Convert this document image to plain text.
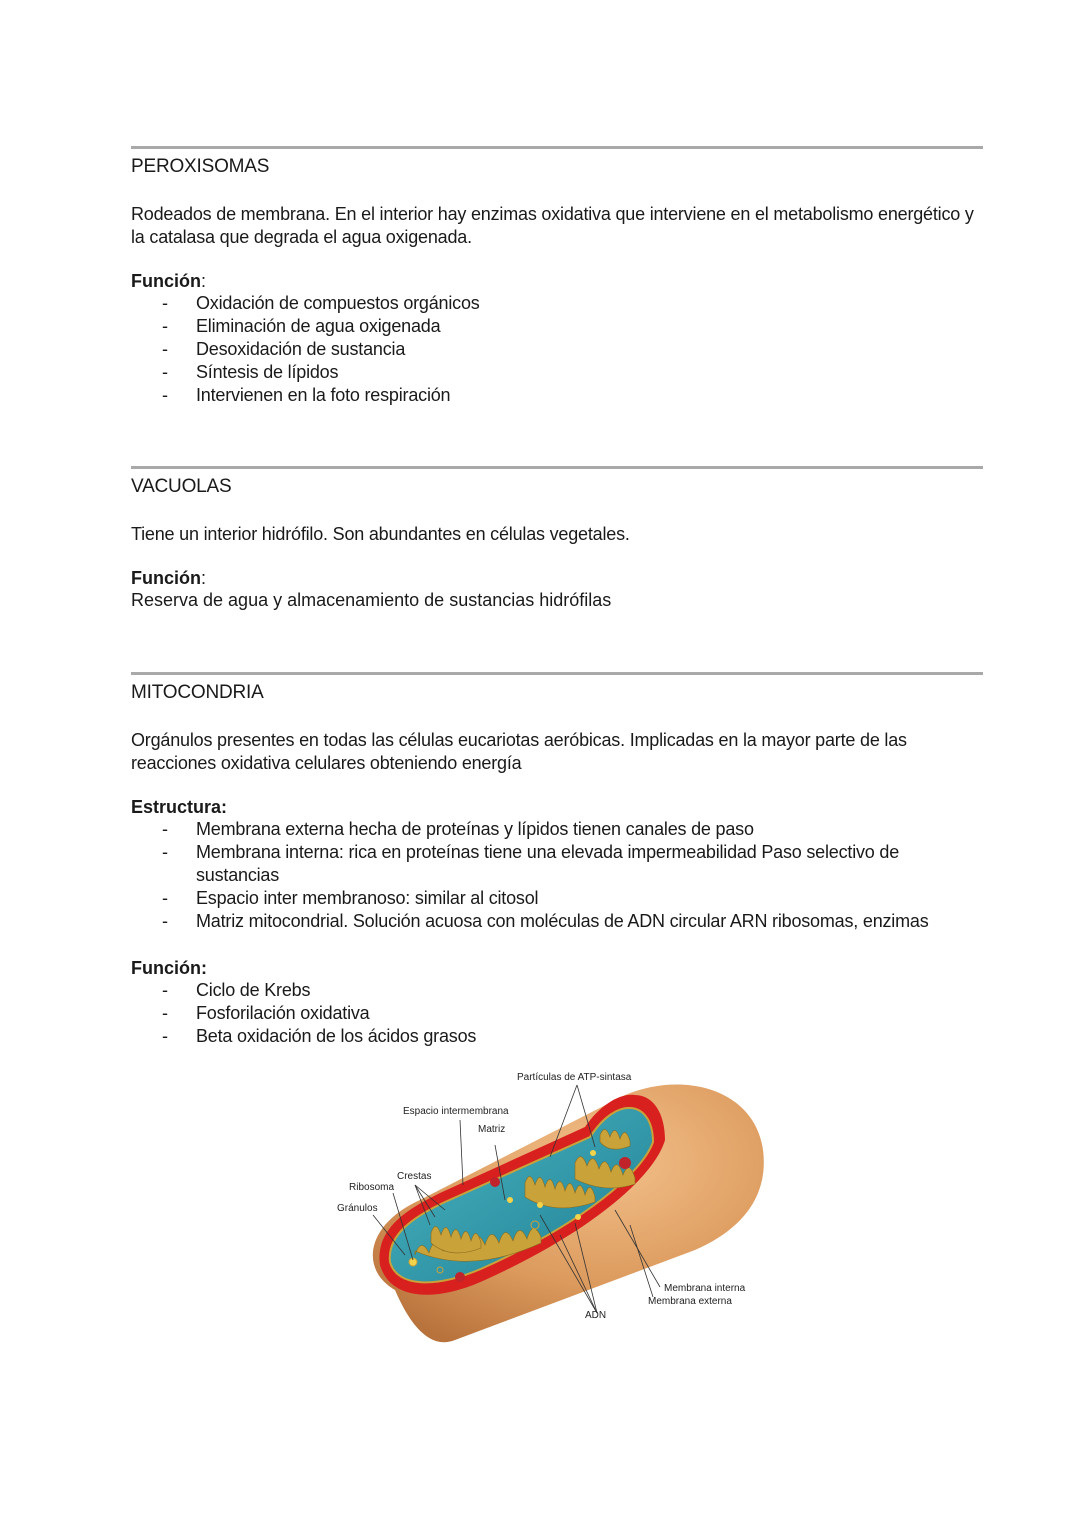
PEROXISOMAS
Rodeados de membrana. En el interior hay enzimas oxidativa que interviene en el metabolismo energético y la catalasa que degrada el agua oxigenada.
Función:
- Oxidación de compuestos orgánicos
- Eliminación de agua oxigenada
- Desoxidación de sustancia
- Síntesis de lípidos
- Intervienen en la foto respiración
VACUOLAS
Tiene un interior hidrófilo. Son abundantes en células vegetales.
Función:
Reserva de agua y almacenamiento de sustancias hidrófilas
MITOCONDRIA
Orgánulos presentes en todas las células eucariotas aeróbicas. Implicadas en la mayor parte de las reacciones oxidativa celulares obteniendo energía
Estructura:
- Membrana externa hecha de proteínas y lípidos tienen canales de paso
- Membrana interna: rica en proteínas tiene una elevada impermeabilidad Paso selectivo de sustancias
- Espacio inter membranoso: similar al citosol
- Matriz mitocondrial. Solución acuosa con moléculas de ADN circular ARN ribosomas, enzimas
Función:
- Ciclo de Krebs
- Fosforilación oxidativa
- Beta oxidación de los ácidos grasos
Partículas de ATP-sintasa
Espacio intermembrana
Matriz
Crestas
Ribosoma
Gránulos
Membrana interna
Membrana externa
ADN
